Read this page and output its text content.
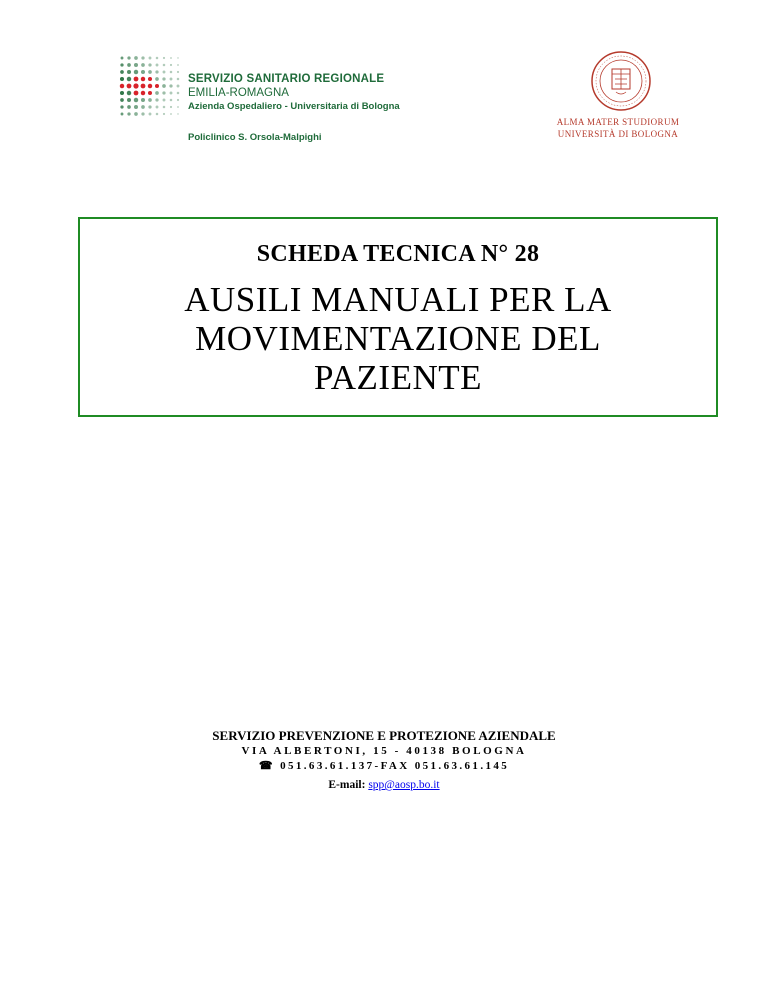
SERVIZIO SANITARIO REGIONALE
EMILIA-ROMAGNA
Azienda Ospedaliero - Universitaria di Bologna
Policlinico S. Orsola-Malpighi
ALMA MATER STUDIORUM
UNIVERSITÀ DI BOLOGNA
SCHEDA TECNICA N° 28
AUSILI MANUALI PER LA
MOVIMENTAZIONE DEL
PAZIENTE
SERVIZIO PREVENZIONE E PROTEZIONE AZIENDALE
VIA ALBERTONI, 15 - 40138 BOLOGNA
☎ 051.63.61.137-FAX 051.63.61.145
E-mail: spp@aosp.bo.it
